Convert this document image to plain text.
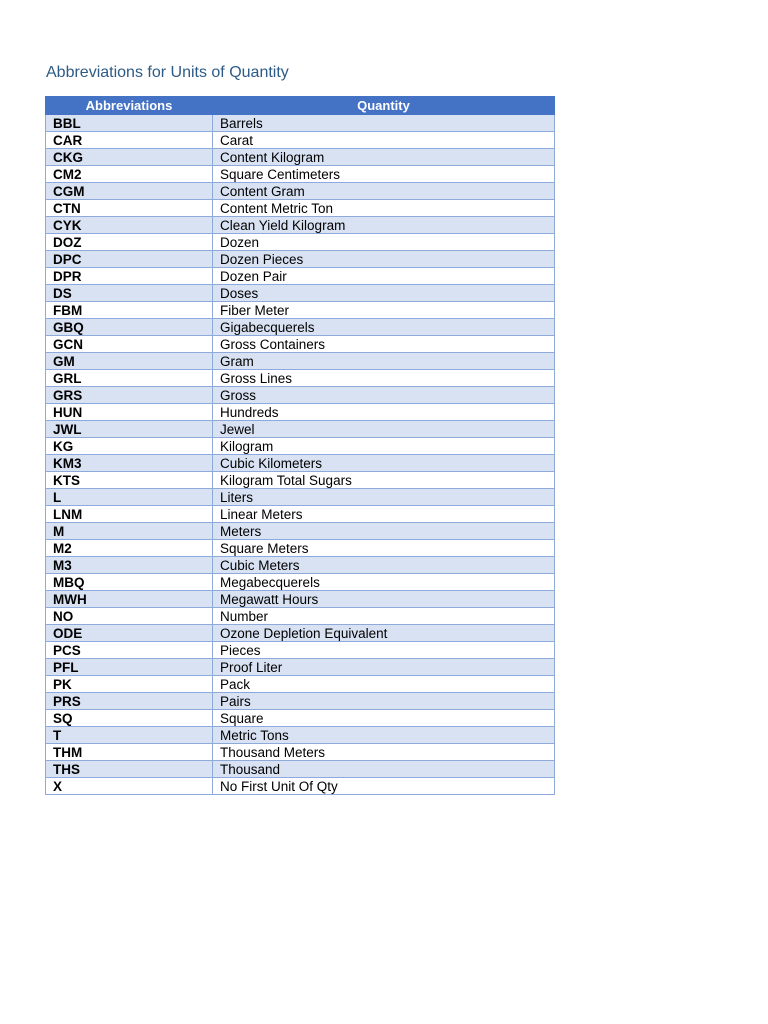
Abbreviations for Units of Quantity
Abbreviations	Quantity
BBL	Barrels
CAR	Carat
CKG	Content Kilogram
CM2	Square Centimeters
CGM	Content Gram
CTN	Content Metric Ton
CYK	Clean Yield Kilogram
DOZ	Dozen
DPC	Dozen Pieces
DPR	Dozen Pair
DS	Doses
FBM	Fiber Meter
GBQ	Gigabecquerels
GCN	Gross Containers
GM	Gram
GRL	Gross Lines
GRS	Gross
HUN	Hundreds
JWL	Jewel
KG	Kilogram
KM3	Cubic Kilometers
KTS	Kilogram Total Sugars
L	Liters
LNM	Linear Meters
M	Meters
M2	Square Meters
M3	Cubic Meters
MBQ	Megabecquerels
MWH	Megawatt Hours
NO	Number
ODE	Ozone Depletion Equivalent
PCS	Pieces
PFL	Proof Liter
PK	Pack
PRS	Pairs
SQ	Square
T	Metric Tons
THM	Thousand Meters
THS	Thousand
X	No First Unit Of Qty
